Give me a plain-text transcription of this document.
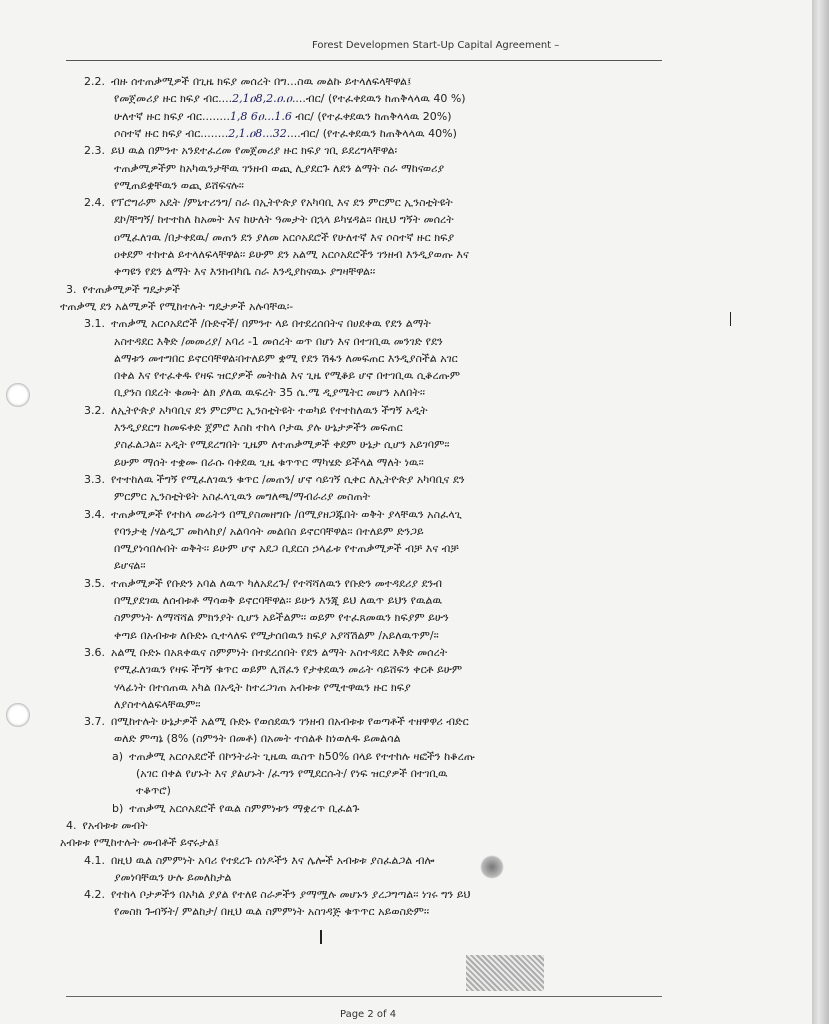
Forest Developmen Start-Up Capital Agreement –
2.2. ብዙ ሰተጠቃሚዎች በጊዜ ክፍያ መሰረት በግ...ስዉ መልኩ ይተላለፍላቸዋል፤
የመጀመሪያ ዙር ክፍያ ብር....2,1ዐ8,2.ዐ.ዐ....ብር/ (የተፈቀደዉን ከጠቅላላዉ 40 %)
ሁለተኛ ዙር ክፍያ ብር........1,8 6ዐ...1.6 ብር/ (የተፈቀደዉን ከጠቅላላዉ 20%)
ሶስተኛ ዙር ክፍያ ብር........2,1.ዐ8...32....ብር/ (የተፈቀደዉን ከጠቅላላዉ 40%)
2.3. ይህ ዉል በምንተ አንደተፈረመ የመጀመሪያ ዙር ክፍያ ገቢ ይደረግላቸዋል፡
ተጠቃሚዎችም ከአካዉንታቸዉ ገንዘብ ወጪ ሊያደርጉ ለደን ልማት ስራ ማከናወሪያ
የሚጠይቋቸዉን ወጪ ይሸፍናሉ፡፡
2.4. የፕሮግራም አዴት /ምኒተሪንግ/ ስራ በኢትዮጵያ የአካባቢ እና ደን ምርምር ኢንስቲትዩት
ደኮ/ቸግኝ/ ከተተከለ ከአመት እና ከሁለት ዓመታት በኋላ ይካሄዳል፡፡ በዚህ ግኝት መሰረት
ዐሚፈለገዉ /በታቀደዉ/ መጠን ደን ያለመ አርሶአደሮች የሁለተኛ እና ሶስተኛ ዙር ክፍያ
ዐቀደም ተከተል ይተላለፍላቸዋል፡፡ ይሁም ደን አልሚ አርሶአደሮችን ገንዘብ እንዲያወጡ እና
ቀጣዩን የደን ልማት እና እንክብካቤ ስራ እንዲያከናዉኑ ያግዛቸዋል፡፡
3. የተጠቃሚዎች ግዴታዎች
ተጠቃሚ ደን አልሚዎች የሚከተሉት ግዴታዎች አሉባቸዉ፡-
3.1. ተጠቃሚ አርሶአደሮች /ቡድኖች/ በምንተ ላይ በተደረሰበትና በሀደቀዉ የደን ልማት
አስተዳደር እቅድ /መመሪያ/ አባሪ -1 መሰረት ወጥ በሆነ እና በተገቢዉ መንገድ የደን
ልማቱን መተግበር ይኖርባቸዋል፡በተለይም ቋሚ የደን ሽፋን ለመፍጠር እንዲያስችል አገር
በቀል እና የተፈቀዱ የዛፍ ዝርያዎች መትከል እና ጊዜ የሚቆይ ሆኖ በተገቢዉ ሲቆረጡም
ቢያንስ በደረት ቁመት ልክ ያለዉ ዉፍረት 35 ሴ.ሜ ዲያሜትር መሆን አለበት፡፡
3.2. ለኢትዮጵያ አካባቢና ደን ምርምር ኢንስቲትዩት ተወካይ የተተከለዉን ችግኝ አዲት
እንዲያደርግ ከመፍቀድ ጀምሮ እስከ ተከላ ቦታዉ ያሉ ሁኔታዎችን መፍጠር
ያስፈልጋል፡፡ አዲት የሚደረግበት ጊዜም ለተጠቃሚዎች ቀደም ሁኔታ ሲሆን አይገባም፡፡
ይሁም ማሰት ተቋሙ በራሱ ባቀደዉ ጊዜ ቁጥጥር ማካሄድ ይችላል ማለት ነዉ፡፡
3.3. የተተከለዉ ችግኝ የሚፈለገዉን ቁጥር /መጠን/ ሆኖ ሳይገኝ ሲቀር ለኢትዮጵያ አካባቢና ደን
ምርምር ኢንስቲትዩት አስፈላጊዉን መግለጫ/ማብራሪያ መስጠት
3.4. ተጠቃሚዎች የተከላ መሬትን በሚያስመዘግቡ /በሚያዘጋጁበት ወቅት ያላቸዉን አስፈላጊ
የባንታቂ /ሃልዲፓ መከላከያ/ አልባሳት መልበስ ይኖርባቸዋል፡፡ በተለይም ድንጋይ
በሚያነሳበሉበት ወቅት፡፡ ይሁም ሆኖ አደጋ ቢደርስ ኃላፊቱ የተጠቃሚዎች ብቻ እና ብቻ
ይሆናል፡፡
3.5. ተጠቃሚዎች የቡድን አባል ለዉጥ ካለአደረጉ/ የተሻሻለዉን የቡድን መተዳደሪያ ደንብ
በሚያደገዉ ለሰብቱቶ ማሳወቅ ይኖርባቸዋል፡፡ ይሁን እንጂ ይህ ለዉጥ ይህን የዉልዉ
ስምምነት ለማሻሻል ምክንያት ሲሆን አይችልም፡፡ ወይም የተፈጸመዉን ክፍያም ይሁን
ቀጣይ በአብቱቱ ለቡድኑ ሲተላለፍ የሚታሰበዉን ክፍያ አያሻሽልም /አይለዉጥም/፡፡
3.6. አልሚ ቡድኑ በአጸቀዉና ስምምነት በተደረሰበት የደን ልማት አስተዳደር እቅድ መሰረት
የሚፈለገዉን የዛፍ ችግኝ ቁጥር ወይም ሊሸፈን የታቀደዉን መሬት ሳይሸፍን ቀርቶ ይሁም
ሃላፊነት በተሰጠዉ አካል በአዲት ከተረጋገጠ አብቱቱ የሚተዋዉን ዙር ክፍያ
ለያስተላልፍላቸዉም፡፡
3.7. በሚከተሉት ሁኔታዎች አልሚ ቡድኑ የወሰደዉን ገንዘብ በአብቱቱ የወጣቶች ተዘዋዋሪ ብድር
ወለድ ምጣኔ (8% (ስምንት በመቶ) በአመት ተሰልቶ ከነወለዱ ይመልሳል
a) ተጠቃሚ አርሶአደሮች በኮንትራት ጊዜዉ ዉስጥ ከ50% በላይ የተተከሉ ዛፎችን ከቆረጡ
(አገር በቀል የሆኑት እና ያልሆኑት /ፈጣን የሚደርሱት/ የነፍ ዝርያዎች በተገቢዉ
ተቆጥሮ)
b) ተጠቃሚ አርሶአደሮች የዉል ስምምነቱን ማቋረጥ ቢፈልጉ
4. የአብቱቱ መብት
አብቱቱ የሚከተሉት መብቶች ይኖሩታል፤
4.1. በዚህ ዉል ስምምነት አባሪ የተደረጉ ሰነዶችን እና ሌሎች አብቱቱ ያስፈልጋል ብሎ
ያመነባቸዉን ሁሉ ይመለከታል
4.2. የተከላ ቦታዎችን በአካል ያያል የተለዩ ስራዎችን ያማሟሉ መሆኑን ያረጋግጣል፡፡ ነገሩ ግን ይህ
የመስክ ጉብኝት/ ምልከታ/ በዚህ ዉል ስምምነት አስገዳጅ ቁጥጥር አይወስድም፡፡
Page 2 of 4
